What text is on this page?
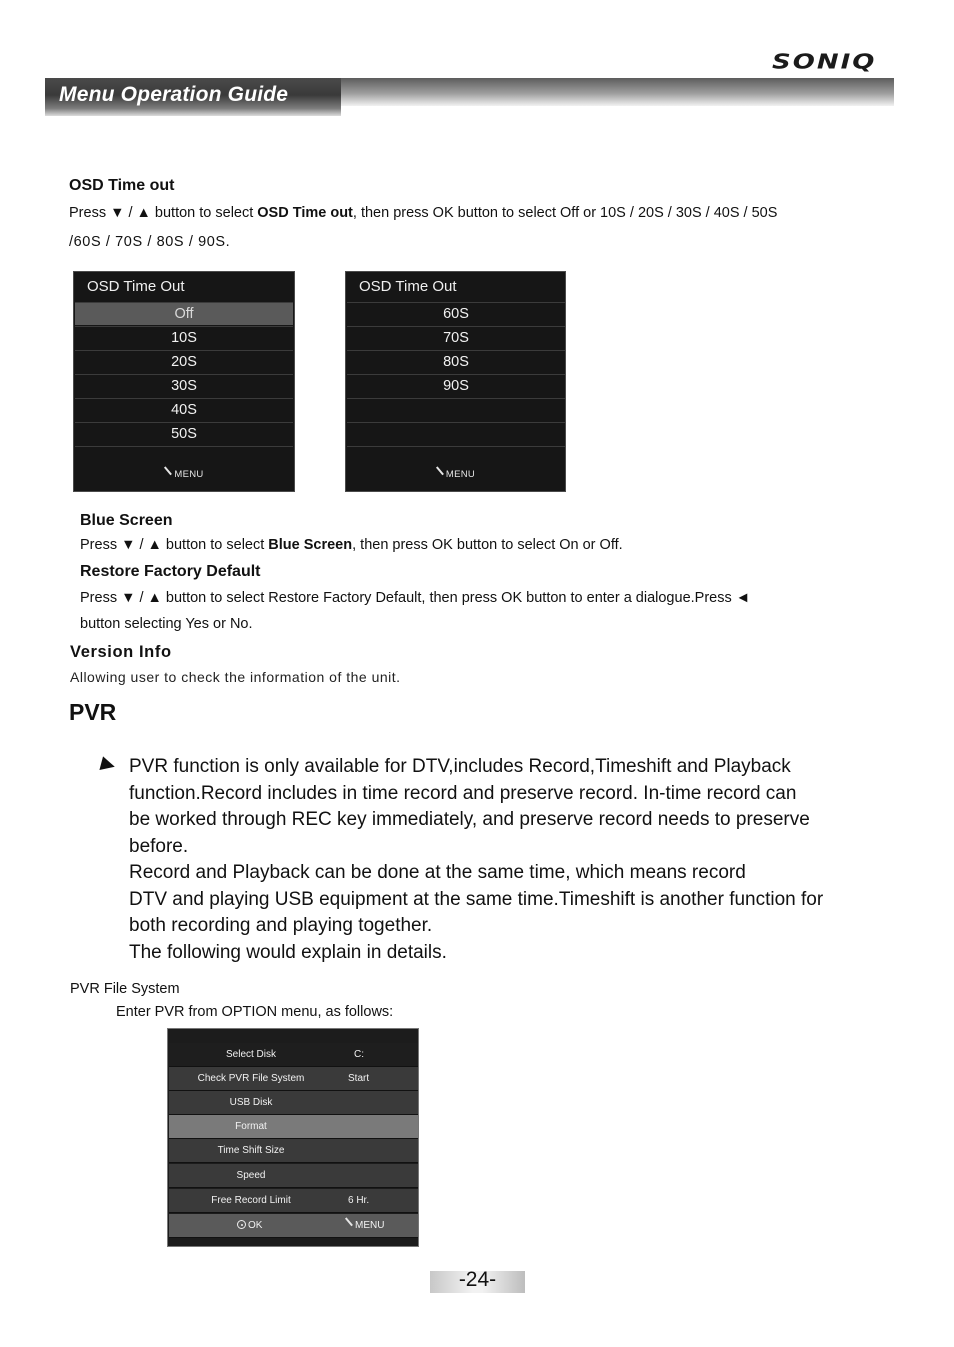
Menu Operation Guide
SONIQ
OSD Time out
Press ▼ / ▲ button to select OSD Time out, then press OK button to select Off or 10S / 20S / 30S / 40S / 50S
/60S / 70S / 80S / 90S.
OSD Time Out
Off
10S
20S
30S
40S
50S
MENU
OSD Time Out
60S
70S
80S
90S
MENU
Blue Screen
Press ▼ / ▲ button to select Blue Screen, then press OK button to select On or Off.
Restore Factory Default
Press ▼ / ▲ button to select Restore Factory Default, then press OK button to enter a dialogue.Press ◄
button selecting Yes or No.
Version Info
Allowing user to check the information of the unit.
PVR
PVR function is only available for DTV,includes Record,Timeshift and Playback
function.Record includes in time record and preserve record. In-time record can
be worked through REC key immediately, and preserve record needs to preserve
before.
Record and Playback can be done at the same time, which means record
DTV and playing USB equipment at the same time.Timeshift is another function for
both recording and playing together.
The following would explain in details.
PVR File System
Enter PVR from OPTION menu, as follows:
Select Disk	C:
Check PVR File System	Start
USB Disk
Format
Time Shift Size
Speed
Free Record Limit	6 Hr.
OK	MENU
-24-
